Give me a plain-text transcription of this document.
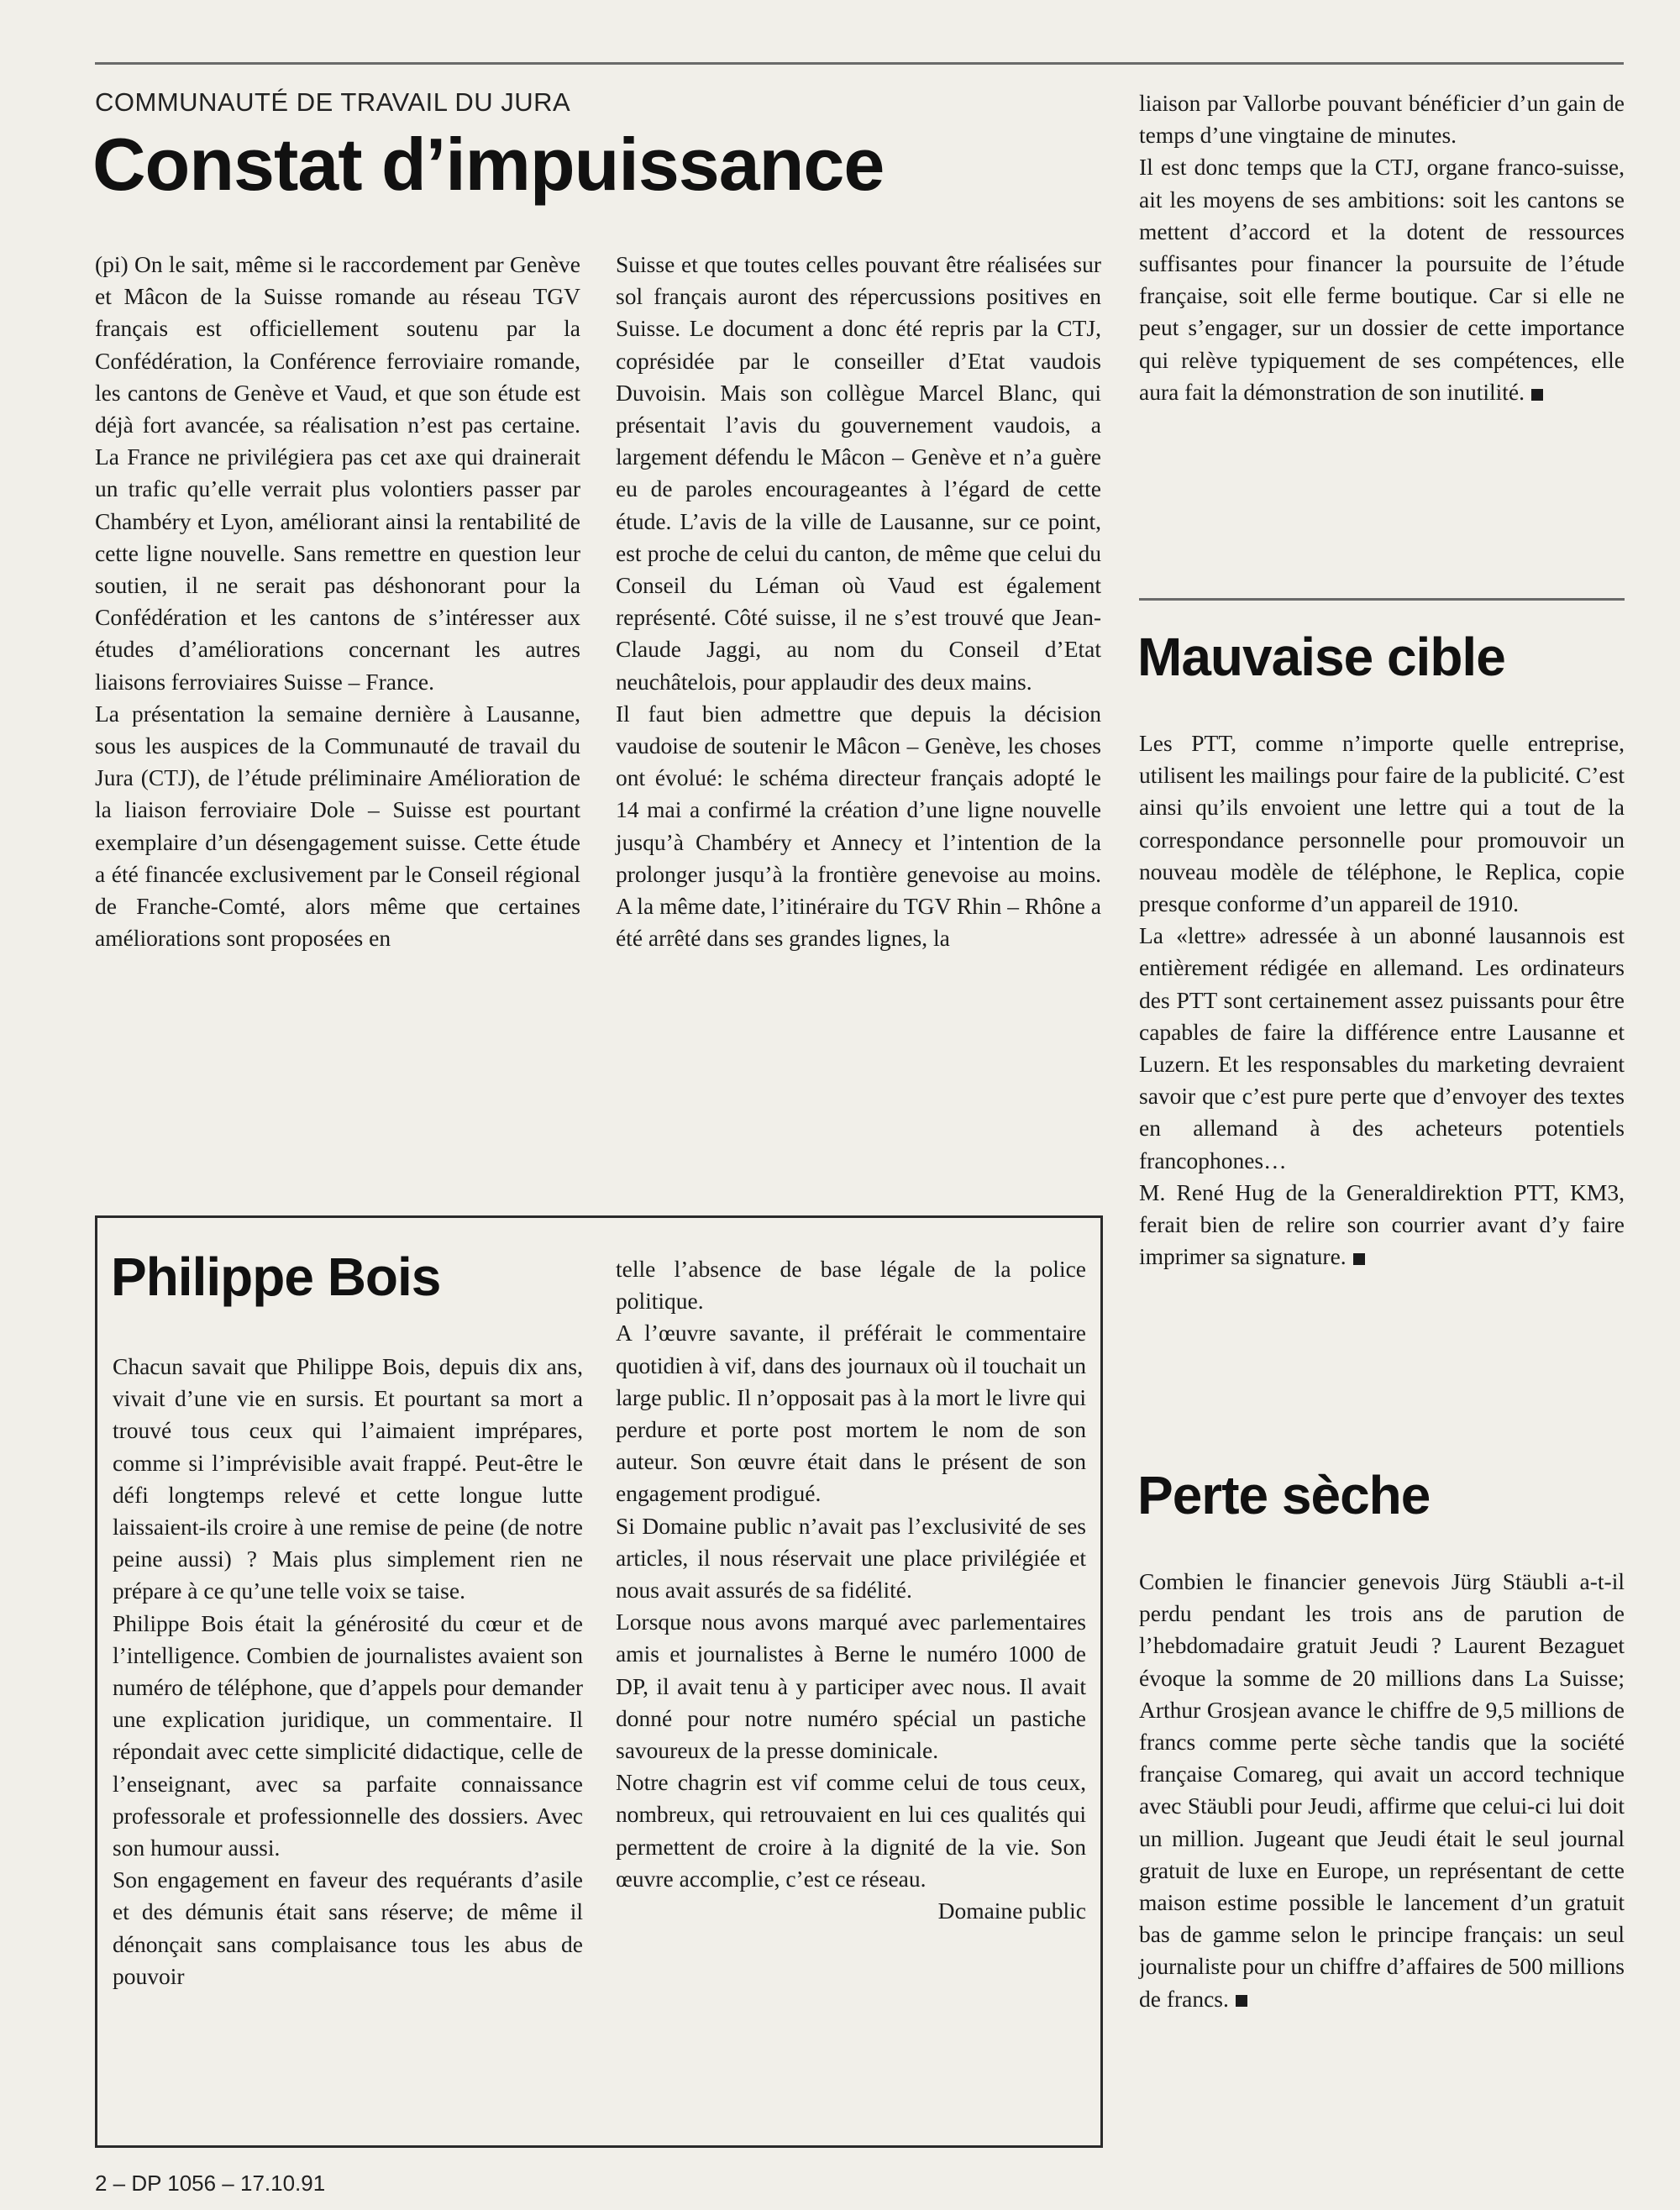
COMMUNAUTÉ DE TRAVAIL DU JURA
Constat d’impuissance

(pi) On le sait, même si le raccordement par Genève et Mâcon de la Suisse romande au réseau TGV français est officiellement soutenu par la Confédération, la Conférence ferroviaire romande, les cantons de Genève et Vaud, et que son étude est déjà fort avancée, sa réalisation n’est pas certaine. La France ne privilégiera pas cet axe qui drainerait un trafic qu’elle verrait plus volontiers passer par Chambéry et Lyon, améliorant ainsi la rentabilité de cette ligne nouvelle. Sans remettre en question leur soutien, il ne serait pas déshonorant pour la Confédération et les cantons de s’intéresser aux études d’améliorations concernant les autres liaisons ferroviaires Suisse – France.

La présentation la semaine dernière à Lausanne, sous les auspices de la Communauté de travail du Jura (CTJ), de l’étude préliminaire Amélioration de la liaison ferroviaire Dole – Suisse est pourtant exemplaire d’un désengagement suisse. Cette étude a été financée exclusivement par le Conseil régional de Franche-Comté, alors même que certaines améliorations sont proposées en

Suisse et que toutes celles pouvant être réalisées sur sol français auront des répercussions positives en Suisse. Le document a donc été repris par la CTJ, coprésidée par le conseiller d’Etat vaudois Duvoisin. Mais son collègue Marcel Blanc, qui présentait l’avis du gouvernement vaudois, a largement défendu le Mâcon – Genève et n’a guère eu de paroles encourageantes à l’égard de cette étude. L’avis de la ville de Lausanne, sur ce point, est proche de celui du canton, de même que celui du Conseil du Léman où Vaud est également représenté. Côté suisse, il ne s’est trouvé que Jean-Claude Jaggi, au nom du Conseil d’Etat neuchâtelois, pour applaudir des deux mains.

Il faut bien admettre que depuis la décision vaudoise de soutenir le Mâcon – Genève, les choses ont évolué: le schéma directeur français adopté le 14 mai a confirmé la création d’une ligne nouvelle jusqu’à Chambéry et Annecy et l’intention de la prolonger jusqu’à la frontière genevoise au moins. A la même date, l’itinéraire du TGV Rhin – Rhône a été arrêté dans ses grandes lignes, la

liaison par Vallorbe pouvant bénéficier d’un gain de temps d’une vingtaine de minutes.

Il est donc temps que la CTJ, organe franco-suisse, ait les moyens de ses ambitions: soit les cantons se mettent d’accord et la dotent de ressources suffisantes pour financer la poursuite de l’étude française, soit elle ferme boutique. Car si elle ne peut s’engager, sur un dossier de cette importance qui relève typiquement de ses compétences, elle aura fait la démonstration de son inutilité.

Mauvaise cible

Les PTT, comme n’importe quelle entreprise, utilisent les mailings pour faire de la publicité. C’est ainsi qu’ils envoient une lettre qui a tout de la correspondance personnelle pour promouvoir un nouveau modèle de téléphone, le Replica, copie presque conforme d’un appareil de 1910.

La «lettre» adressée à un abonné lausannois est entièrement rédigée en allemand. Les ordinateurs des PTT sont certainement assez puissants pour être capables de faire la différence entre Lausanne et Luzern. Et les responsables du marketing devraient savoir que c’est pure perte que d’envoyer des textes en allemand à des acheteurs potentiels francophones…

M. René Hug de la Generaldirektion PTT, KM3, ferait bien de relire son courrier avant d’y faire imprimer sa signature.

Perte sèche

Combien le financier genevois Jürg Stäubli a-t-il perdu pendant les trois ans de parution de l’hebdomadaire gratuit Jeudi ? Laurent Bezaguet évoque la somme de 20 millions dans La Suisse; Arthur Grosjean avance le chiffre de 9,5 millions de francs comme perte sèche tandis que la société française Comareg, qui avait un accord technique avec Stäubli pour Jeudi, affirme que celui-ci lui doit un million. Jugeant que Jeudi était le seul journal gratuit de luxe en Europe, un représentant de cette maison estime possible le lancement d’un gratuit bas de gamme selon le principe français: un seul journaliste pour un chiffre d’affaires de 500 millions de francs.

Philippe Bois

Chacun savait que Philippe Bois, depuis dix ans, vivait d’une vie en sursis. Et pourtant sa mort a trouvé tous ceux qui l’aimaient imprépares, comme si l’imprévisible avait frappé. Peut-être le défi longtemps relevé et cette longue lutte laissaient-ils croire à une remise de peine (de notre peine aussi) ? Mais plus simplement rien ne prépare à ce qu’une telle voix se taise.

Philippe Bois était la générosité du cœur et de l’intelligence. Combien de journalistes avaient son numéro de téléphone, que d’appels pour demander une explication juridique, un commentaire. Il répondait avec cette simplicité didactique, celle de l’enseignant, avec sa parfaite connaissance professorale et professionnelle des dossiers. Avec son humour aussi.

Son engagement en faveur des requérants d’asile et des démunis était sans réserve; de même il dénonçait sans complaisance tous les abus de pouvoir

telle l’absence de base légale de la police politique.

A l’œuvre savante, il préférait le commentaire quotidien à vif, dans des journaux où il touchait un large public. Il n’opposait pas à la mort le livre qui perdure et porte post mortem le nom de son auteur. Son œuvre était dans le présent de son engagement prodigué.

Si Domaine public n’avait pas l’exclusivité de ses articles, il nous réservait une place privilégiée et nous avait assurés de sa fidélité.

Lorsque nous avons marqué avec parlementaires amis et journalistes à Berne le numéro 1000 de DP, il avait tenu à y participer avec nous. Il avait donné pour notre numéro spécial un pastiche savoureux de la presse dominicale.

Notre chagrin est vif comme celui de tous ceux, nombreux, qui retrouvaient en lui ces qualités qui permettent de croire à la dignité de la vie. Son œuvre accomplie, c’est ce réseau.

Domaine public

2 – DP 1056 – 17.10.91
